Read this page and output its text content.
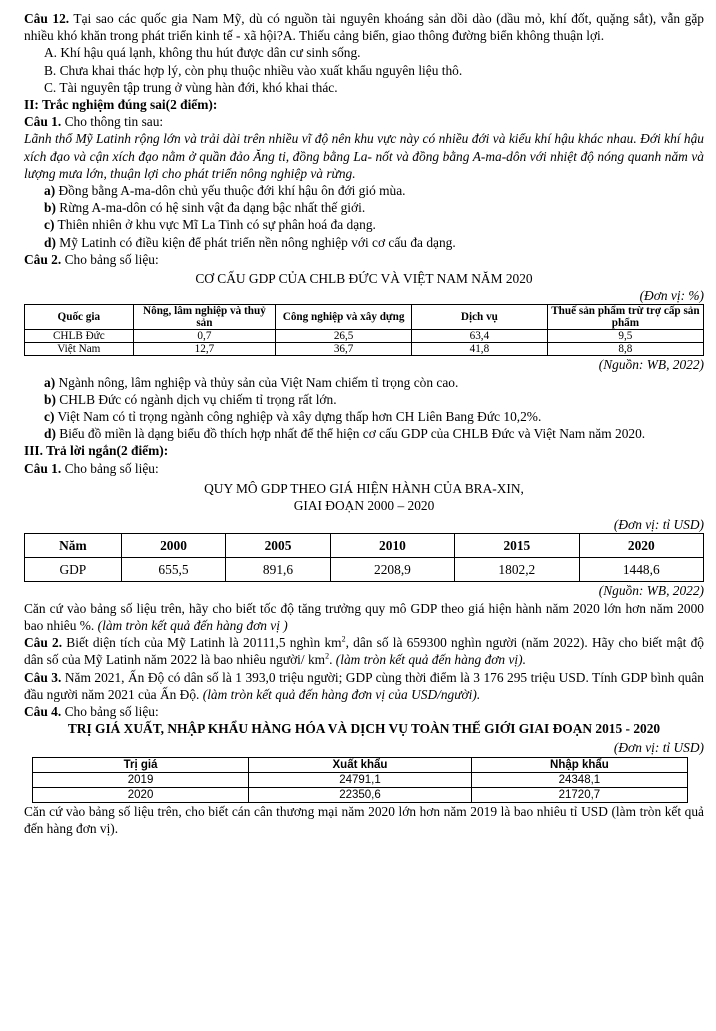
Câu 12. Tại sao các quốc gia Nam Mỹ, dù có nguồn tài nguyên khoáng sản dồi dào (dầu mỏ, khí đốt, quặng sắt), vẫn gặp nhiều khó khăn trong phát triển kinh tế - xã hội?A. Thiếu cảng biển, giao thông đường biển không thuận lợi.

A. Khí hậu quá lạnh, không thu hút được dân cư sinh sống.

B. Chưa khai thác hợp lý, còn phụ thuộc nhiều vào xuất khẩu nguyên liệu thô.

C. Tài nguyên tập trung ở vùng hàn đới, khó khai thác.

II: Trắc nghiệm đúng sai(2 điểm):

Câu 1. Cho thông tin sau:

Lãnh thổ Mỹ Latinh rộng lớn và trải dài trên nhiều vĩ độ nên khu vực này có nhiều đới và kiểu khí hậu khác nhau. Đới khí hậu xích đạo và cận xích đạo nằm ở quần đảo Ăng ti, đồng bằng La- nốt và đồng bằng A-ma-dôn với nhiệt độ nóng quanh năm và lượng mưa lớn, thuận lợi cho phát triển nông nghiệp và rừng.

a) Đồng bằng A-ma-dôn chủ yếu thuộc đới khí hậu ôn đới gió mùa.

b) Rừng A-ma-dôn có hệ sinh vật đa dạng bậc nhất thế giới.

c) Thiên nhiên ở khu vực Mĩ La Tinh có sự phân hoá đa dạng.

d) Mỹ Latinh có điều kiện để phát triển nền nông nghiệp với cơ cấu đa dạng.

Câu 2. Cho bảng số liệu:

CƠ CẤU GDP CỦA CHLB ĐỨC VÀ VIỆT NAM NĂM 2020

(Đơn vị: %)

Quốc gia	Nông, lâm nghiệp và thuỷ sản	Công nghiệp và xây dựng	Dịch vụ	Thuế sản phẩm trừ trợ cấp sản phẩm
CHLB Đức	0,7	26,5	63,4	9,5
Việt Nam	12,7	36,7	41,8	8,8

(Nguồn: WB, 2022)

a) Ngành nông, lâm nghiệp và thủy sản của Việt Nam chiếm tỉ trọng còn cao.

b) CHLB Đức có ngành dịch vụ chiếm tỉ trọng rất lớn.

c) Việt Nam có tỉ trọng ngành công nghiệp và xây dựng thấp hơn CH Liên Bang Đức 10,2%.

d) Biểu đồ miền là dạng biểu đồ thích hợp nhất để thể hiện cơ cấu GDP của CHLB Đức và Việt Nam năm 2020.

III. Trả lời ngắn(2 điểm):

Câu 1. Cho bảng số liệu:

QUY MÔ GDP THEO GIÁ HIỆN HÀNH CỦA BRA-XIN,

GIAI ĐOẠN 2000 – 2020

(Đơn vị: tỉ USD)

Năm	2000	2005	2010	2015	2020
GDP	655,5	891,6	2208,9	1802,2	1448,6

(Nguồn: WB, 2022)

Căn cứ vào bảng số liệu trên, hãy cho biết tốc độ tăng trưởng quy mô GDP theo giá hiện hành năm 2020 lớn hơn năm 2000 bao nhiêu %. (làm tròn kết quả đến hàng đơn vị )

Câu 2. Biết diện tích của Mỹ Latinh là 20111,5 nghìn $km^2$, dân số là 659300 nghìn người (năm 2022). Hãy cho biết mật độ dân số của Mỹ Latinh năm 2022 là bao nhiêu người/ $km^2$. (làm tròn kết quả đến hàng đơn vị).

Câu 3. Năm 2021, Ấn Độ có dân số là 1 393,0 triệu người; GDP cùng thời điểm là 3 176 295 triệu USD. Tính GDP bình quân đầu người năm 2021 của Ấn Độ. (làm tròn kết quả đến hàng đơn vị của USD/người).

Câu 4. Cho bảng số liệu:

TRỊ GIÁ XUẤT, NHẬP KHẨU HÀNG HÓA VÀ DỊCH VỤ TOÀN THẾ GIỚI GIAI ĐOẠN 2015 - 2020

(Đơn vị: tỉ USD)

Trị giá	Xuất khẩu	Nhập khẩu
2019	24791,1	24348,1
2020	22350,6	21720,7

Căn cứ vào bảng số liệu trên, cho biết cán cân thương mại năm 2020 lớn hơn năm 2019 là bao nhiêu tỉ USD (làm tròn kết quả đến hàng đơn vị).
